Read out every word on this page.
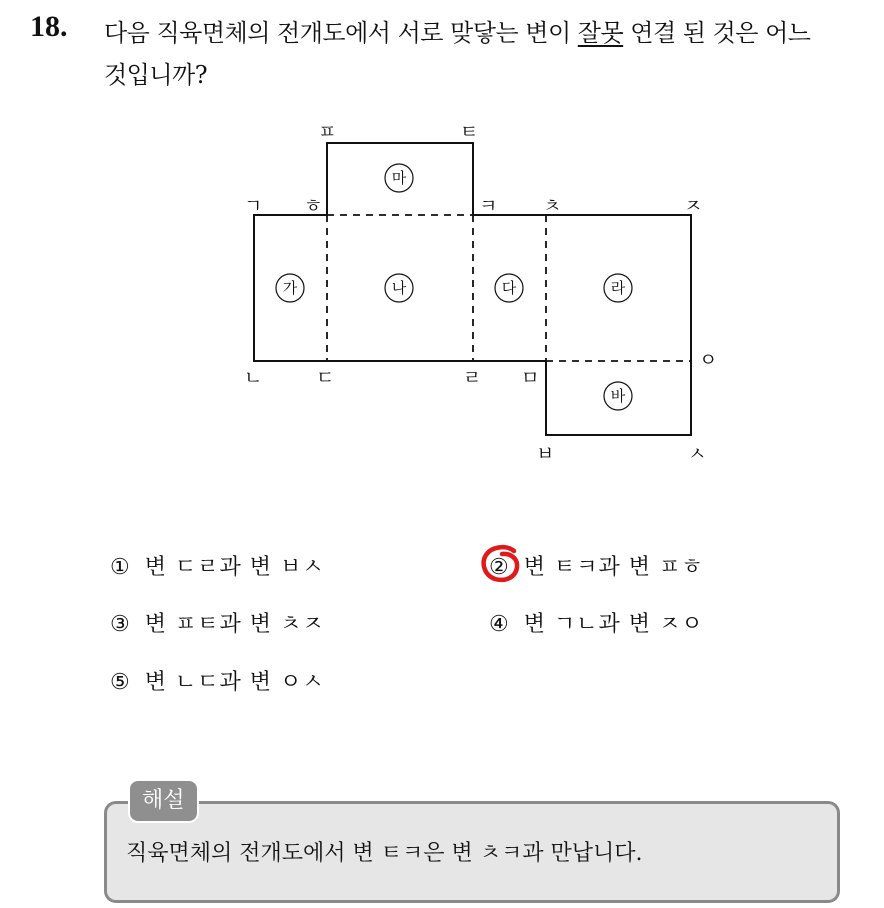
18. 다음 직육면체의 전개도에서 서로 맞닿는 변이 잘못 연결 된 것은 어느
것입니까?
ㅍ	ㅌ
ㄱ ㅎ	ㅋ ㅊ	ㅈ
ㄴ	ㄷ	ㄹ ㅁ
ㅇ
ㅂ	ㅅ
마
가	나	다	라
바
① 변 ㄷㄹ과 변 ㅂㅅ	② 변 ㅌㅋ과 변 ㅍㅎ
③ 변 ㅍㅌ과 변 ㅊㅈ	④ 변 ㄱㄴ과 변 ㅈㅇ
⑤ 변 ㄴㄷ과 변 ㅇㅅ
해설
직육면체의 전개도에서 변 ㅌㅋ은 변 ㅊㅋ과 만납니다.
